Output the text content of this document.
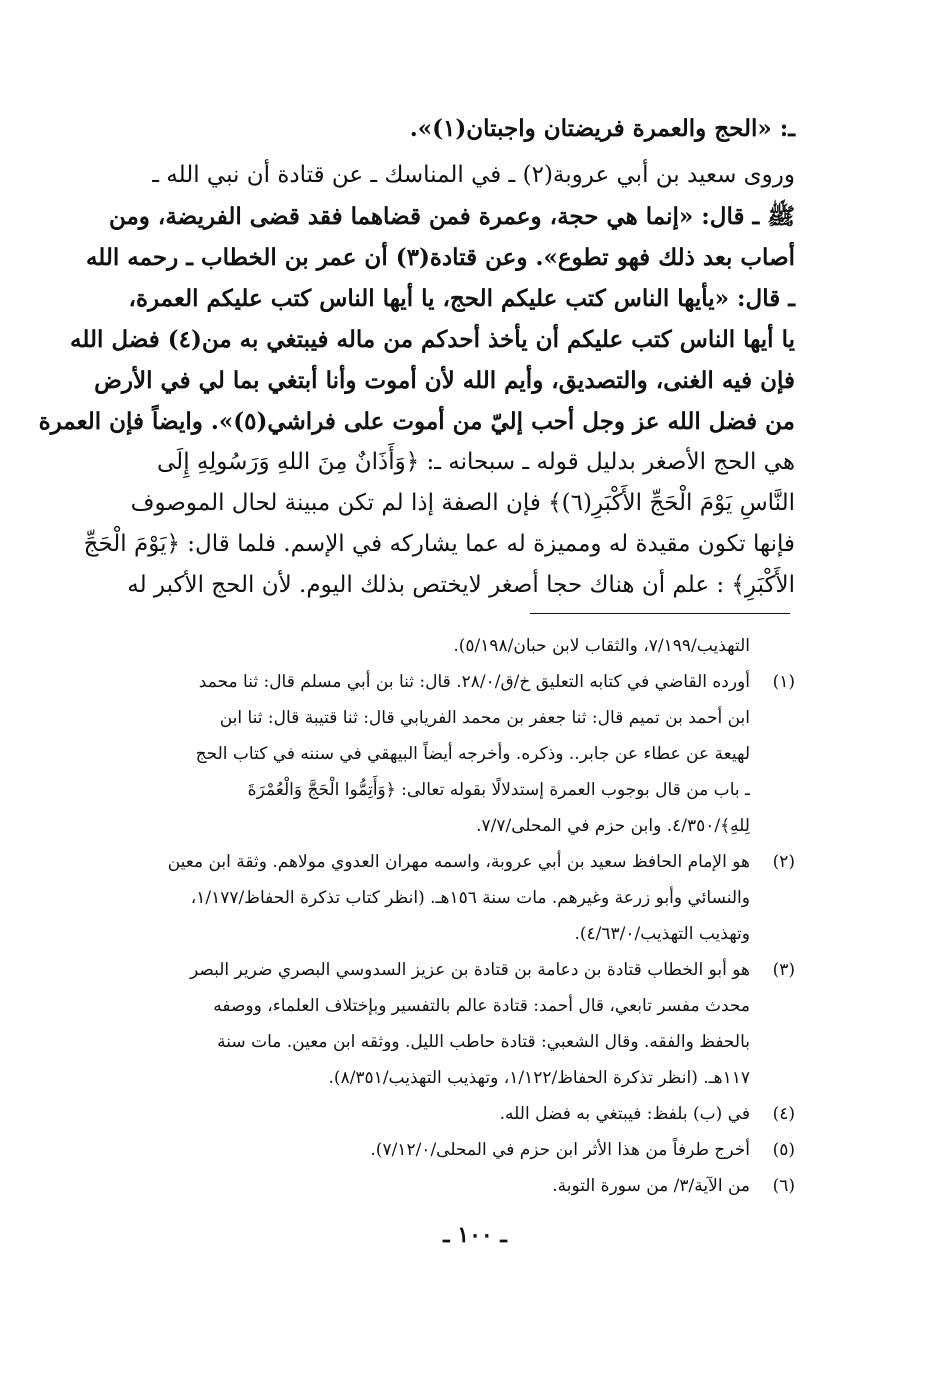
ـ: «الحج والعمرة فريضتان واجبتان(١)».
وروى سعيد بن أبي عروبة(٢) ـ في المناسك ـ عن قتادة أن نبي الله ـ
ﷺ ـ قال: «إنما هي حجة، وعمرة فمن قضاهما فقد قضى الفريضة، ومن
أصاب بعد ذلك فهو تطوع». وعن قتادة(٣) أن عمر بن الخطاب ـ رحمه الله
ـ قال: «يأيها الناس كتب عليكم الحج، يا أيها الناس كتب عليكم العمرة،
يا أيها الناس كتب عليكم أن يأخذ أحدكم من ماله فيبتغي به من(٤) فضل الله
فإن فيه الغنى، والتصديق، وأيم الله لأن أموت وأنا أبتغي بما لي في الأرض
من فضل الله عز وجل أحب إليّ من أموت على فراشي(٥)». وايضاً فإن العمرة
هي الحج الأصغر بدليل قوله ـ سبحانه ـ: ﴿وَأَذَانٌ مِنَ اللهِ وَرَسُولِهِ إِلَى
النَّاسِ يَوْمَ الْحَجِّ الأَكْبَرِ(٦)﴾ فإن الصفة إذا لم تكن مبينة لحال الموصوف
فإنها تكون مقيدة له ومميزة له عما يشاركه في الإسم. فلما قال: ﴿يَوْمَ الْحَجِّ
الأَكْبَرِ﴾ : علم أن هناك حجا أصغر لايختص بذلك اليوم. لأن الحج الأكبر له
التهذيب/٧/١٩٩، والثقاب لابن حبان/٥/١٩٨).
(١)
أورده القاضي في كتابه التعليق خ/ق/٢٨/٠. قال: ثنا بن أبي مسلم قال: ثنا محمد
ابن أحمد بن تميم قال: ثنا جعفر بن محمد الفريابي قال: ثنا قتيبة قال: ثنا ابن
لهيعة عن عطاء عن جابر.. وذكره. وأخرجه أيضاً البيهقي في سننه في كتاب الحج
ـ باب من قال بوجوب العمرة إستدلالًا بقوله تعالى: ﴿وَأَتِمُّوا الْحَجَّ وَالْعُمْرَةَ
لِلهِ﴾/٤/٣٥٠. وابن حزم في المحلى/٧/٧.
(٢)
هو الإمام الحافظ سعيد بن أبي عروبة، واسمه مهران العدوي مولاهم. وثقة ابن معين
والنسائي وأبو زرعة وغيرهم. مات سنة ١٥٦هـ. (انظر كتاب تذكرة الحفاظ/١/١٧٧،
وتهذيب التهذيب/٤/٦٣/٠).
(٣)
هو أبو الخطاب قتادة بن دعامة بن قتادة بن عزيز السدوسي البصري ضرير البصر
محدث مفسر تابعي، قال أحمد: قتادة عالم بالتفسير وبإختلاف العلماء، ووصفه
بالحفظ والفقه. وقال الشعبي: قتادة حاطب الليل. ووثقه ابن معين. مات سنة
١١٧هـ. (انظر تذكرة الحفاظ/١/١٢٢، وتهذيب التهذيب/٨/٣٥١).
(٤)
في (ب) بلفظ: فيبتغي به فضل الله.
(٥)
أخرج طرفاً من هذا الأثر ابن حزم في المحلى/٧/١٢/٠).
(٦)
من الآية/٣/ من سورة التوبة.
ـ ١٠٠ ـ
